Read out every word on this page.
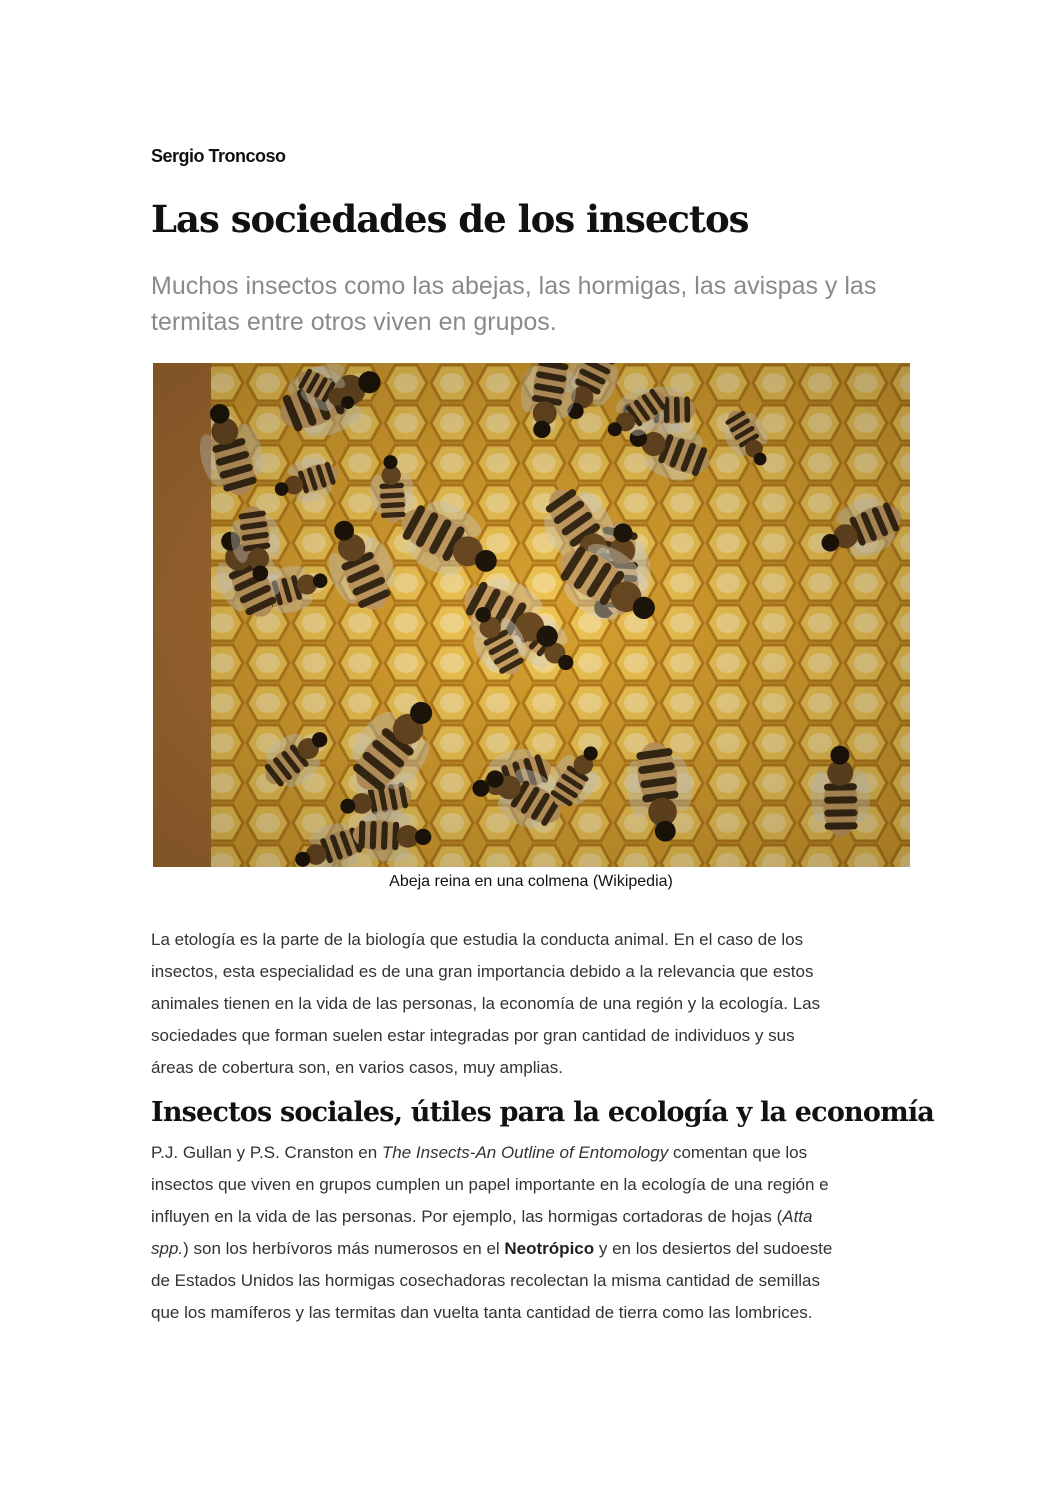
Sergio Troncoso
Las sociedades de los insectos

Muchos insectos como las abejas, las hormigas, las avispas y las termitas entre otros viven en grupos.

Abeja reina en una colmena (Wikipedia)

La etología es la parte de la biología que estudia la conducta animal. En el caso de los
insectos, esta especialidad es de una gran importancia debido a la relevancia que estos
animales tienen en la vida de las personas, la economía de una región y la ecología. Las
sociedades que forman suelen estar integradas por gran cantidad de individuos y sus
áreas de cobertura son, en varios casos, muy amplias.

Insectos sociales, útiles para la ecología y la economía

P.J. Gullan y P.S. Cranston en The Insects-An Outline of Entomology comentan que los
insectos que viven en grupos cumplen un papel importante en la ecología de una región e
influyen en la vida de las personas. Por ejemplo, las hormigas cortadoras de hojas (Atta
spp.) son los herbívoros más numerosos en el Neotrópico y en los desiertos del sudoeste
de Estados Unidos las hormigas cosechadoras recolectan la misma cantidad de semillas
que los mamíferos y las termitas dan vuelta tanta cantidad de tierra como las lombrices.
